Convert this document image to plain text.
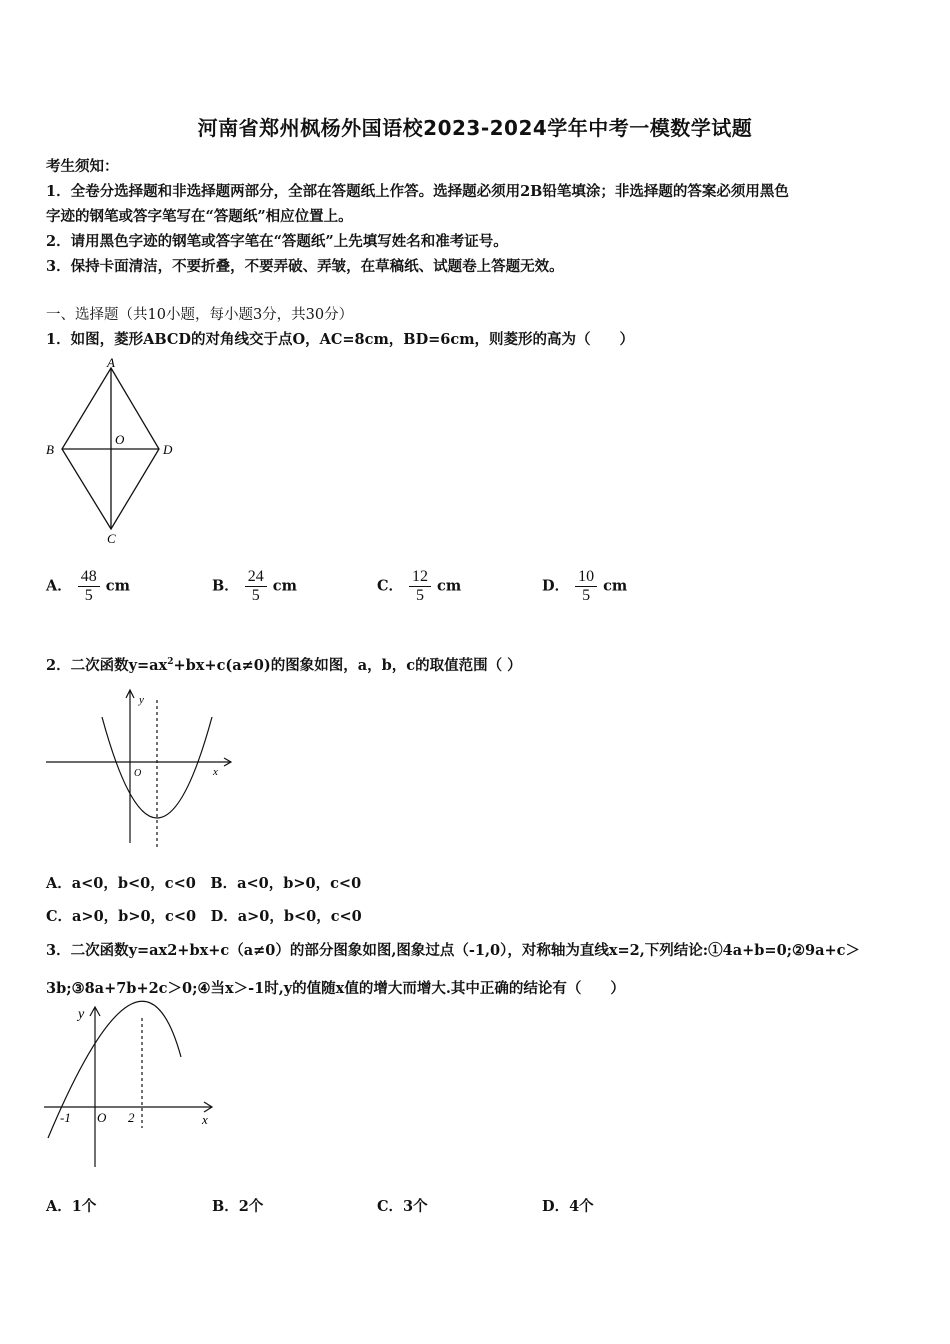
河南省郑州枫杨外国语校2023-2024学年中考一模数学试题
考生须知：
1．全卷分选择题和非选择题两部分，全部在答题纸上作答。选择题必须用2B铅笔填涂；非选择题的答案必须用黑色
字迹的钢笔或答字笔写在“答题纸”相应位置上。
2．请用黑色字迹的钢笔或答字笔在“答题纸”上先填写姓名和准考证号。
3．保持卡面清洁，不要折叠，不要弄破、弄皱，在草稿纸、试题卷上答题无效。
一、选择题（共10小题，每小题3分，共30分）
1．如图，菱形ABCD的对角线交于点O，AC=8cm，BD=6cm，则菱形的高为（　　）
A
B
C
D
O
A． $\frac{48}{5}$ cm	B． $\frac{24}{5}$ cm	C． $\frac{12}{5}$ cm	D． $\frac{10}{5}$ cm
2．二次函数$y=ax^2+bx+c(a\ne 0)$的图象如图，a，b，c的取值范围（ ）
y
x
O
A．a<0，b<0，c<0　B．a<0，b>0，c<0
C．a>0，b>0，c<0　D．a>0，b<0，c<0
3．二次函数y=ax2+bx+c（a≠0）的部分图象如图,图象过点（-1,0），对称轴为直线x=2,下列结论:①4a+b=0;②9a+c＞
3b;③8a+7b+2c＞0;④当x＞-1时,y的值随x值的增大而增大.其中正确的结论有（　　）
y
x
O
-1	2
A．1个	B．2个	C．3个	D．4个
